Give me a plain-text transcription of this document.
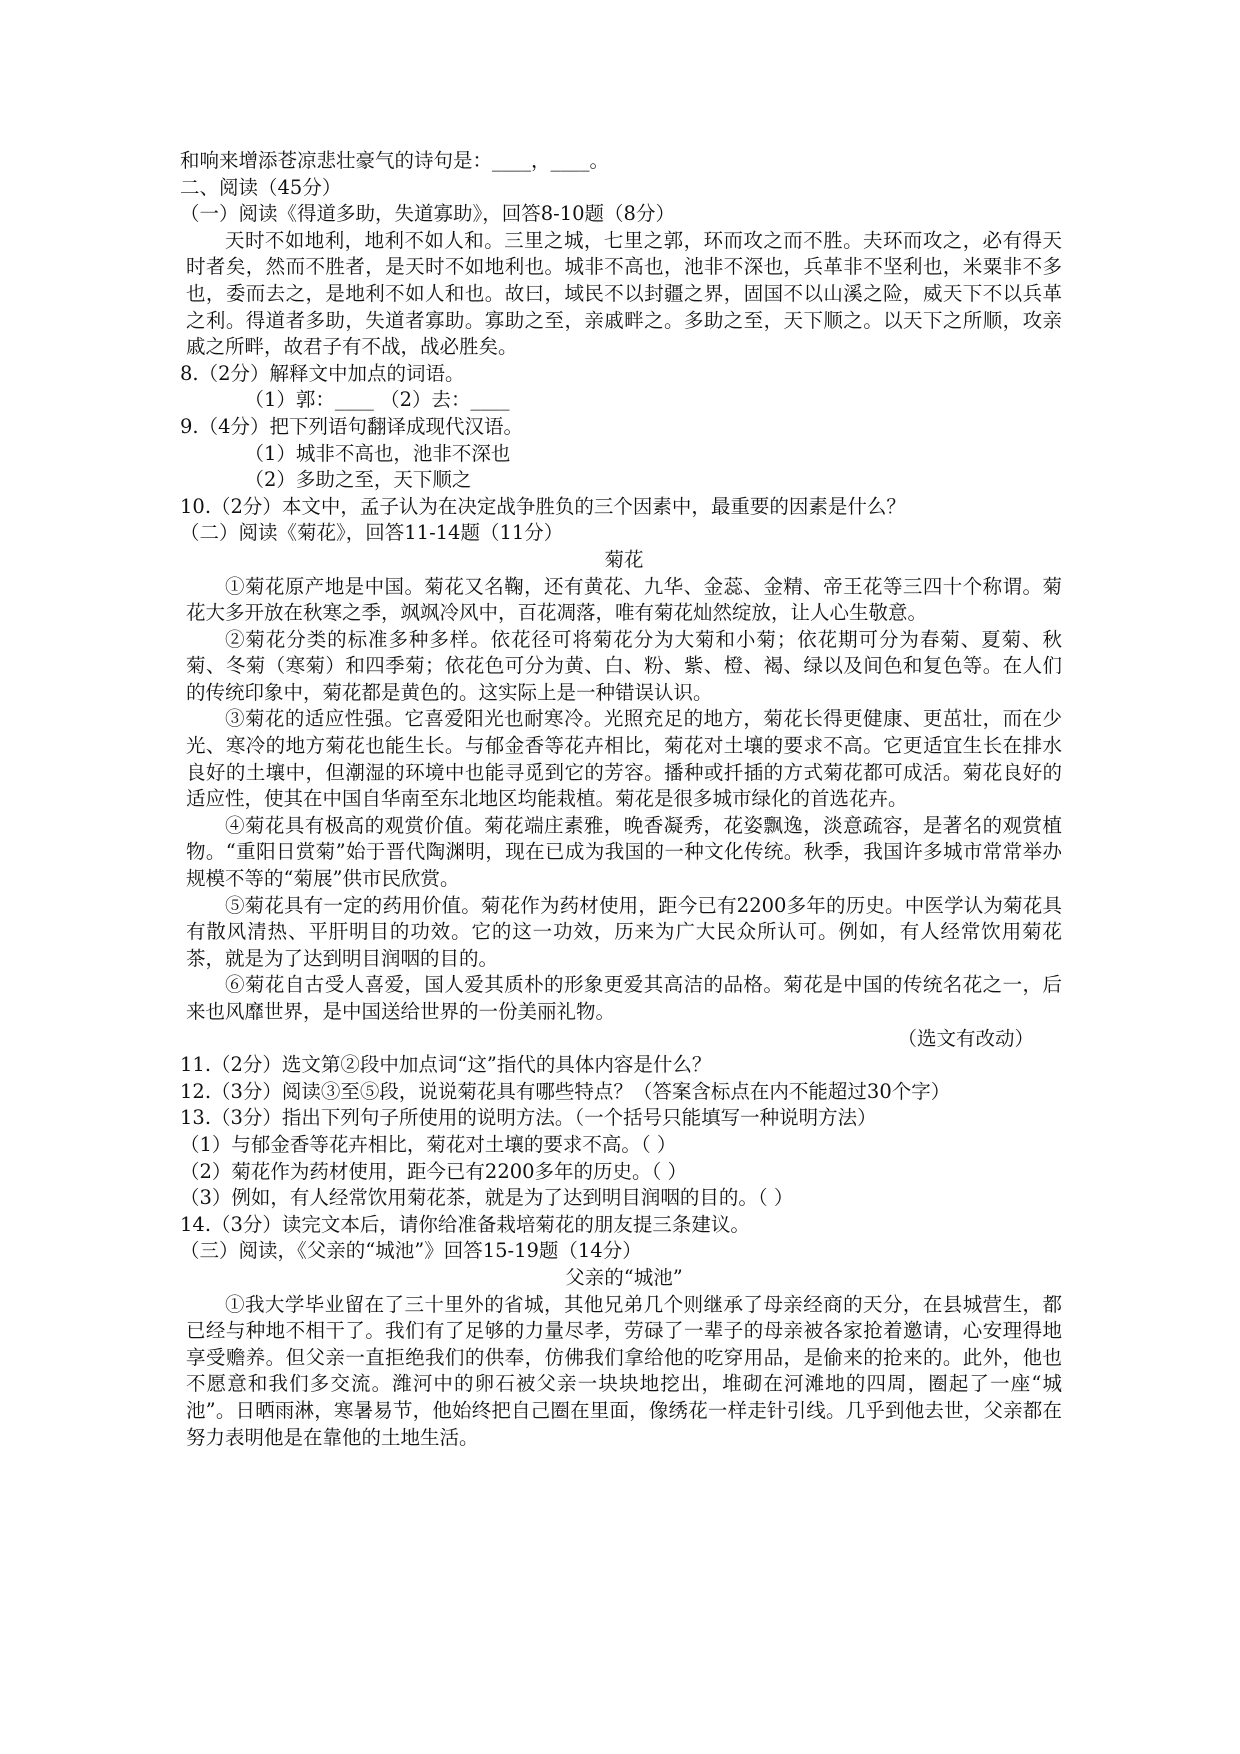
和响来增添苍凉悲壮豪气的诗句是：____，____。

二、阅读（45分）

（一）阅读《得道多助，失道寡助》，回答8-10题（8分）

天时不如地利，地利不如人和。三里之城，七里之郭，环而攻之而不胜。夫环而攻之，必有得天时者矣，然而不胜者，是天时不如地利也。城非不高也，池非不深也，兵革非不坚利也，米粟非不多也，委而去之，是地利不如人和也。故曰，域民不以封疆之界，固国不以山溪之险，威天下不以兵革之利。得道者多助，失道者寡助。寡助之至，亲戚畔之。多助之至，天下顺之。以天下之所顺，攻亲戚之所畔，故君子有不战，战必胜矣。

8.（2分）解释文中加点的词语。

（1）郭：____ （2）去：____

9.（4分）把下列语句翻译成现代汉语。

（1）城非不高也，池非不深也

（2）多助之至，天下顺之

10.（2分）本文中，孟子认为在决定战争胜负的三个因素中，最重要的因素是什么？

（二）阅读《菊花》，回答11-14题（11分）

菊花

①菊花原产地是中国。菊花又名鞠，还有黄花、九华、金蕊、金精、帝王花等三四十个称谓。菊花大多开放在秋寒之季，飒飒冷风中，百花凋落，唯有菊花灿然绽放，让人心生敬意。

②菊花分类的标准多种多样。依花径可将菊花分为大菊和小菊；依花期可分为春菊、夏菊、秋菊、冬菊（寒菊）和四季菊；依花色可分为黄、白、粉、紫、橙、褐、绿以及间色和复色等。在人们的传统印象中，菊花都是黄色的。这实际上是一种错误认识。

③菊花的适应性强。它喜爱阳光也耐寒冷。光照充足的地方，菊花长得更健康、更茁壮，而在少光、寒冷的地方菊花也能生长。与郁金香等花卉相比，菊花对土壤的要求不高。它更适宜生长在排水良好的土壤中，但潮湿的环境中也能寻觅到它的芳容。播种或扦插的方式菊花都可成活。菊花良好的适应性，使其在中国自华南至东北地区均能栽植。菊花是很多城市绿化的首选花卉。

④菊花具有极高的观赏价值。菊花端庄素雅，晚香凝秀，花姿飘逸，淡意疏容，是著名的观赏植物。“重阳日赏菊”始于晋代陶渊明，现在已成为我国的一种文化传统。秋季，我国许多城市常常举办规模不等的“菊展”供市民欣赏。

⑤菊花具有一定的药用价值。菊花作为药材使用，距今已有2200多年的历史。中医学认为菊花具有散风清热、平肝明目的功效。它的这一功效，历来为广大民众所认可。例如，有人经常饮用菊花茶，就是为了达到明目润咽的目的。

⑥菊花自古受人喜爱，国人爱其质朴的形象更爱其高洁的品格。菊花是中国的传统名花之一，后来也风靡世界，是中国送给世界的一份美丽礼物。

（选文有改动）

11.（2分）选文第②段中加点词“这”指代的具体内容是什么？

12.（3分）阅读③至⑤段，说说菊花具有哪些特点？（答案含标点在内不能超过30个字）

13.（3分）指出下列句子所使用的说明方法。（一个括号只能填写一种说明方法）

（1）与郁金香等花卉相比，菊花对土壤的要求不高。（ ）

（2）菊花作为药材使用，距今已有2200多年的历史。（ ）

（3）例如，有人经常饮用菊花茶，就是为了达到明目润咽的目的。（ ）

14.（3分）读完文本后，请你给准备栽培菊花的朋友提三条建议。

（三）阅读，《父亲的“城池”》回答15-19题（14分）

父亲的“城池”

①我大学毕业留在了三十里外的省城，其他兄弟几个则继承了母亲经商的天分，在县城营生，都已经与种地不相干了。我们有了足够的力量尽孝，劳碌了一辈子的母亲被各家抢着邀请，心安理得地享受赡养。但父亲一直拒绝我们的供奉，仿佛我们拿给他的吃穿用品，是偷来的抢来的。此外，他也不愿意和我们多交流。潍河中的卵石被父亲一块块地挖出，堆砌在河滩地的四周，圈起了一座“城池”。日晒雨淋，寒暑易节，他始终把自己圈在里面，像绣花一样走针引线。几乎到他去世，父亲都在努力表明他是在靠他的土地生活。
